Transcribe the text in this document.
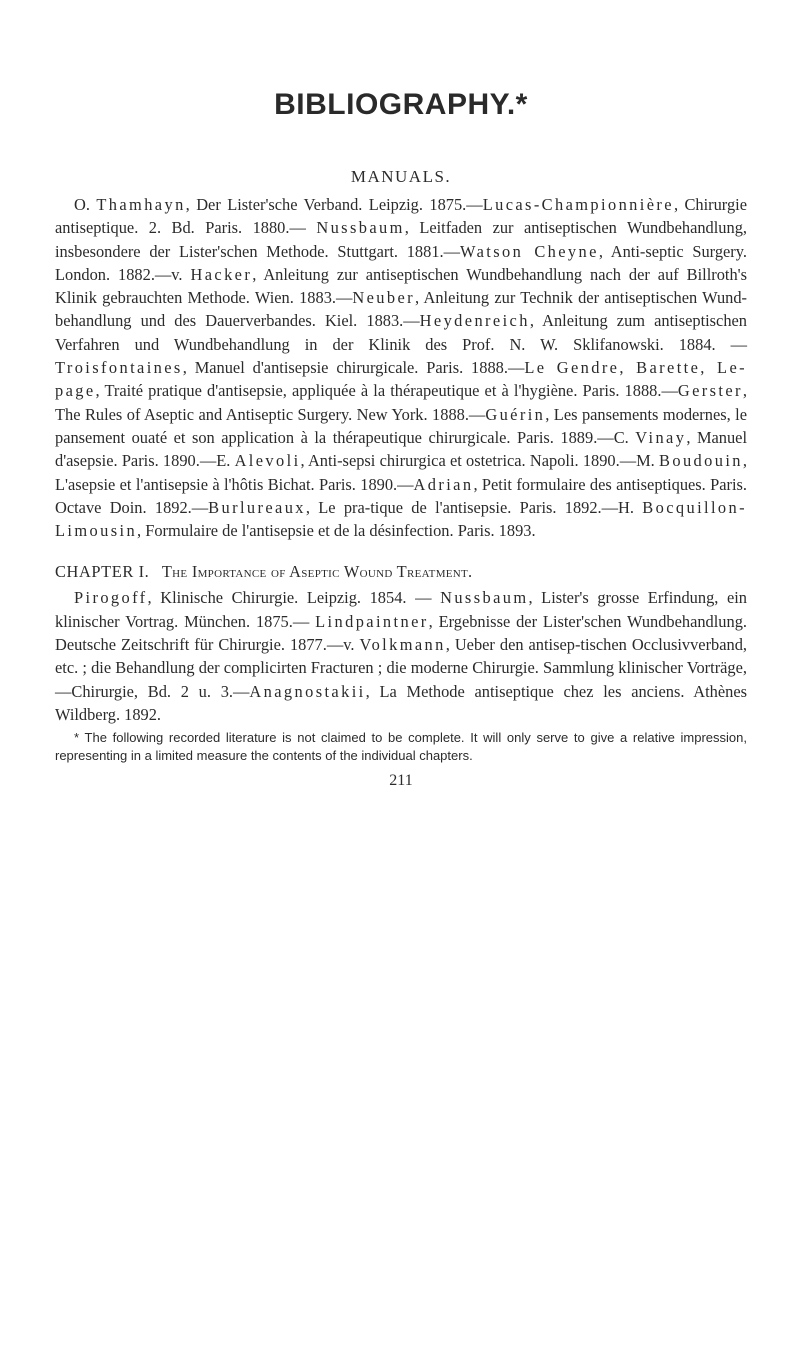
BIBLIOGRAPHY.*
MANUALS.

O. Thamhayn, Der Lister'sche Verband. Leipzig. 1875.—Lucas-Championnière, Chirurgie antiseptique. 2. Bd. Paris. 1880.— Nussbaum, Leitfaden zur antiseptischen Wundbehandlung, insbesondere der Lister'schen Methode. Stuttgart. 1881.—Watson Cheyne, Anti-septic Surgery. London. 1882.—v. Hacker, Anleitung zur antiseptischen Wundbehandlung nach der auf Billroth's Klinik gebrauchten Methode. Wien. 1883.—Neuber, Anleitung zur Technik der antiseptischen Wund-behandlung und des Dauerverbandes. Kiel. 1883.—Heydenreich, Anleitung zum antiseptischen Verfahren und Wundbehandlung in der Klinik des Prof. N. W. Sklifanowski. 1884. — Troisfontaines, Manuel d'antisepsie chirurgicale. Paris. 1888.—Le Gendre, Barette, Le-page, Traité pratique d'antisepsie, appliquée à la thérapeutique et à l'hygiène. Paris. 1888.—Gerster, The Rules of Aseptic and Antiseptic Surgery. New York. 1888.—Guérin, Les pansements modernes, le pansement ouaté et son application à la thérapeutique chirurgicale. Paris. 1889.—C. Vinay, Manuel d'asepsie. Paris. 1890.—E. Alevoli, Anti-sepsi chirurgica et ostetrica. Napoli. 1890.—M. Boudouin, L'asepsie et l'antisepsie à l'hôtis Bichat. Paris. 1890.—Adrian, Petit formulaire des antiseptiques. Paris. Octave Doin. 1892.—Burlureaux, Le pra-tique de l'antisepsie. Paris. 1892.—H. Bocquillon-Limousin, Formulaire de l'antisepsie et de la désinfection. Paris. 1893.

CHAPTER I. The Importance of Aseptic Wound Treatment.

Pirogoff, Klinische Chirurgie. Leipzig. 1854. — Nussbaum, Lister's grosse Erfindung, ein klinischer Vortrag. München. 1875.— Lindpaintner, Ergebnisse der Lister'schen Wundbehandlung. Deutsche Zeitschrift für Chirurgie. 1877.—v. Volkmann, Ueber den antisep-tischen Occlusivverband, etc. ; die Behandlung der complicirten Fracturen ; die moderne Chirurgie. Sammlung klinischer Vorträge,—Chirurgie, Bd. 2 u. 3.—Anagnostakii, La Methode antiseptique chez les anciens. Athènes Wildberg. 1892.

* The following recorded literature is not claimed to be complete. It will only serve to give a relative impression, representing in a limited measure the contents of the individual chapters.

211
